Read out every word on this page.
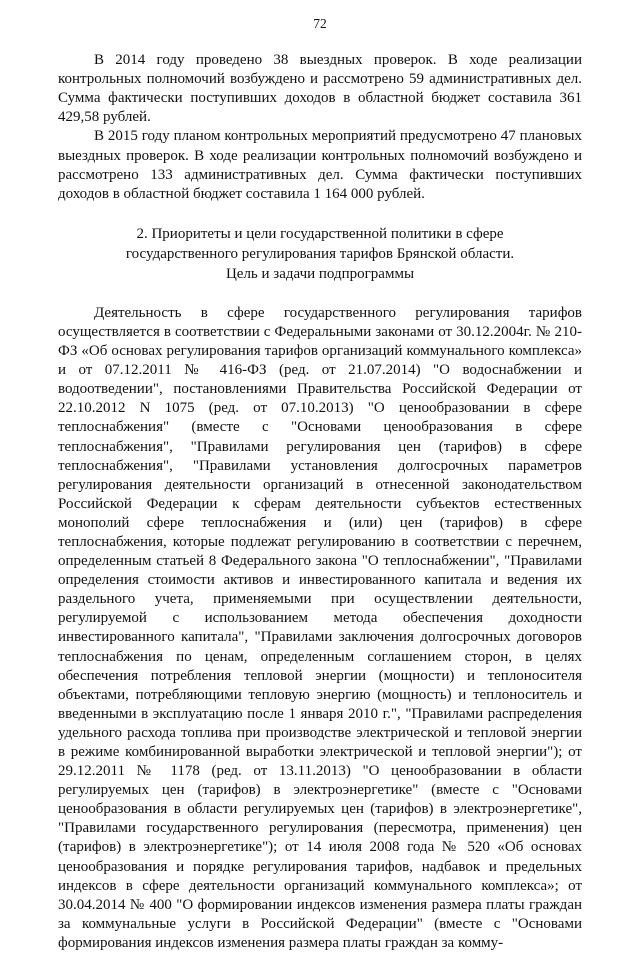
72

В 2014 году проведено 38 выездных проверок. В ходе реализации контрольных полномочий возбуждено и рассмотрено 59 административных дел. Сумма фактически поступивших доходов в областной бюджет составила 361 429,58 рублей.

В 2015 году планом контрольных мероприятий предусмотрено 47 плановых выездных проверок. В ходе реализации контрольных полномочий возбуждено и рассмотрено 133 административных дел. Сумма фактически поступивших доходов в областной бюджет составила 1 164 000 рублей.

2. Приоритеты и цели государственной политики в сфере
государственного регулирования тарифов Брянской области.
Цель и задачи подпрограммы

Деятельность в сфере государственного регулирования тарифов осуществляется в соответствии с Федеральными законами от 30.12.2004г. № 210-ФЗ «Об основах регулирования тарифов организаций коммунального комплекса» и от 07.12.2011 № 416-ФЗ (ред. от 21.07.2014) "О водоснабжении и водоотведении", постановлениями Правительства Российской Федерации от 22.10.2012 N 1075 (ред. от 07.10.2013) "О ценообразовании в сфере теплоснабжения" (вместе с "Основами ценообразования в сфере теплоснабжения", "Правилами регулирования цен (тарифов) в сфере теплоснабжения", "Правилами установления долгосрочных параметров регулирования деятельности организаций в отнесенной законодательством Российской Федерации к сферам деятельности субъектов естественных монополий сфере теплоснабжения и (или) цен (тарифов) в сфере теплоснабжения, которые подлежат регулированию в соответствии с перечнем, определенным статьей 8 Федерального закона "О теплоснабжении", "Правилами определения стоимости активов и инвестированного капитала и ведения их раздельного учета, применяемыми при осуществлении деятельности, регулируемой с использованием метода обеспечения доходности инвестированного капитала", "Правилами заключения долгосрочных договоров теплоснабжения по ценам, определенным соглашением сторон, в целях обеспечения потребления тепловой энергии (мощности) и теплоносителя объектами, потребляющими тепловую энергию (мощность) и теплоноситель и введенными в эксплуатацию после 1 января 2010 г.", "Правилами распределения удельного расхода топлива при производстве электрической и тепловой энергии в режиме комбинированной выработки электрической и тепловой энергии"); от 29.12.2011 № 1178 (ред. от 13.11.2013) "О ценообразовании в области регулируемых цен (тарифов) в электроэнергетике" (вместе с "Основами ценообразования в области регулируемых цен (тарифов) в электроэнергетике", "Правилами государственного регулирования (пересмотра, применения) цен (тарифов) в электроэнергетике"); от 14 июля 2008 года № 520 «Об основах ценообразования и порядке регулирования тарифов, надбавок и предельных индексов в сфере деятельности организаций коммунального комплекса»; от 30.04.2014 № 400 "О формировании индексов изменения размера платы граждан за коммунальные услуги в Российской Федерации" (вместе с "Основами формирования индексов изменения размера платы граждан за комму-
